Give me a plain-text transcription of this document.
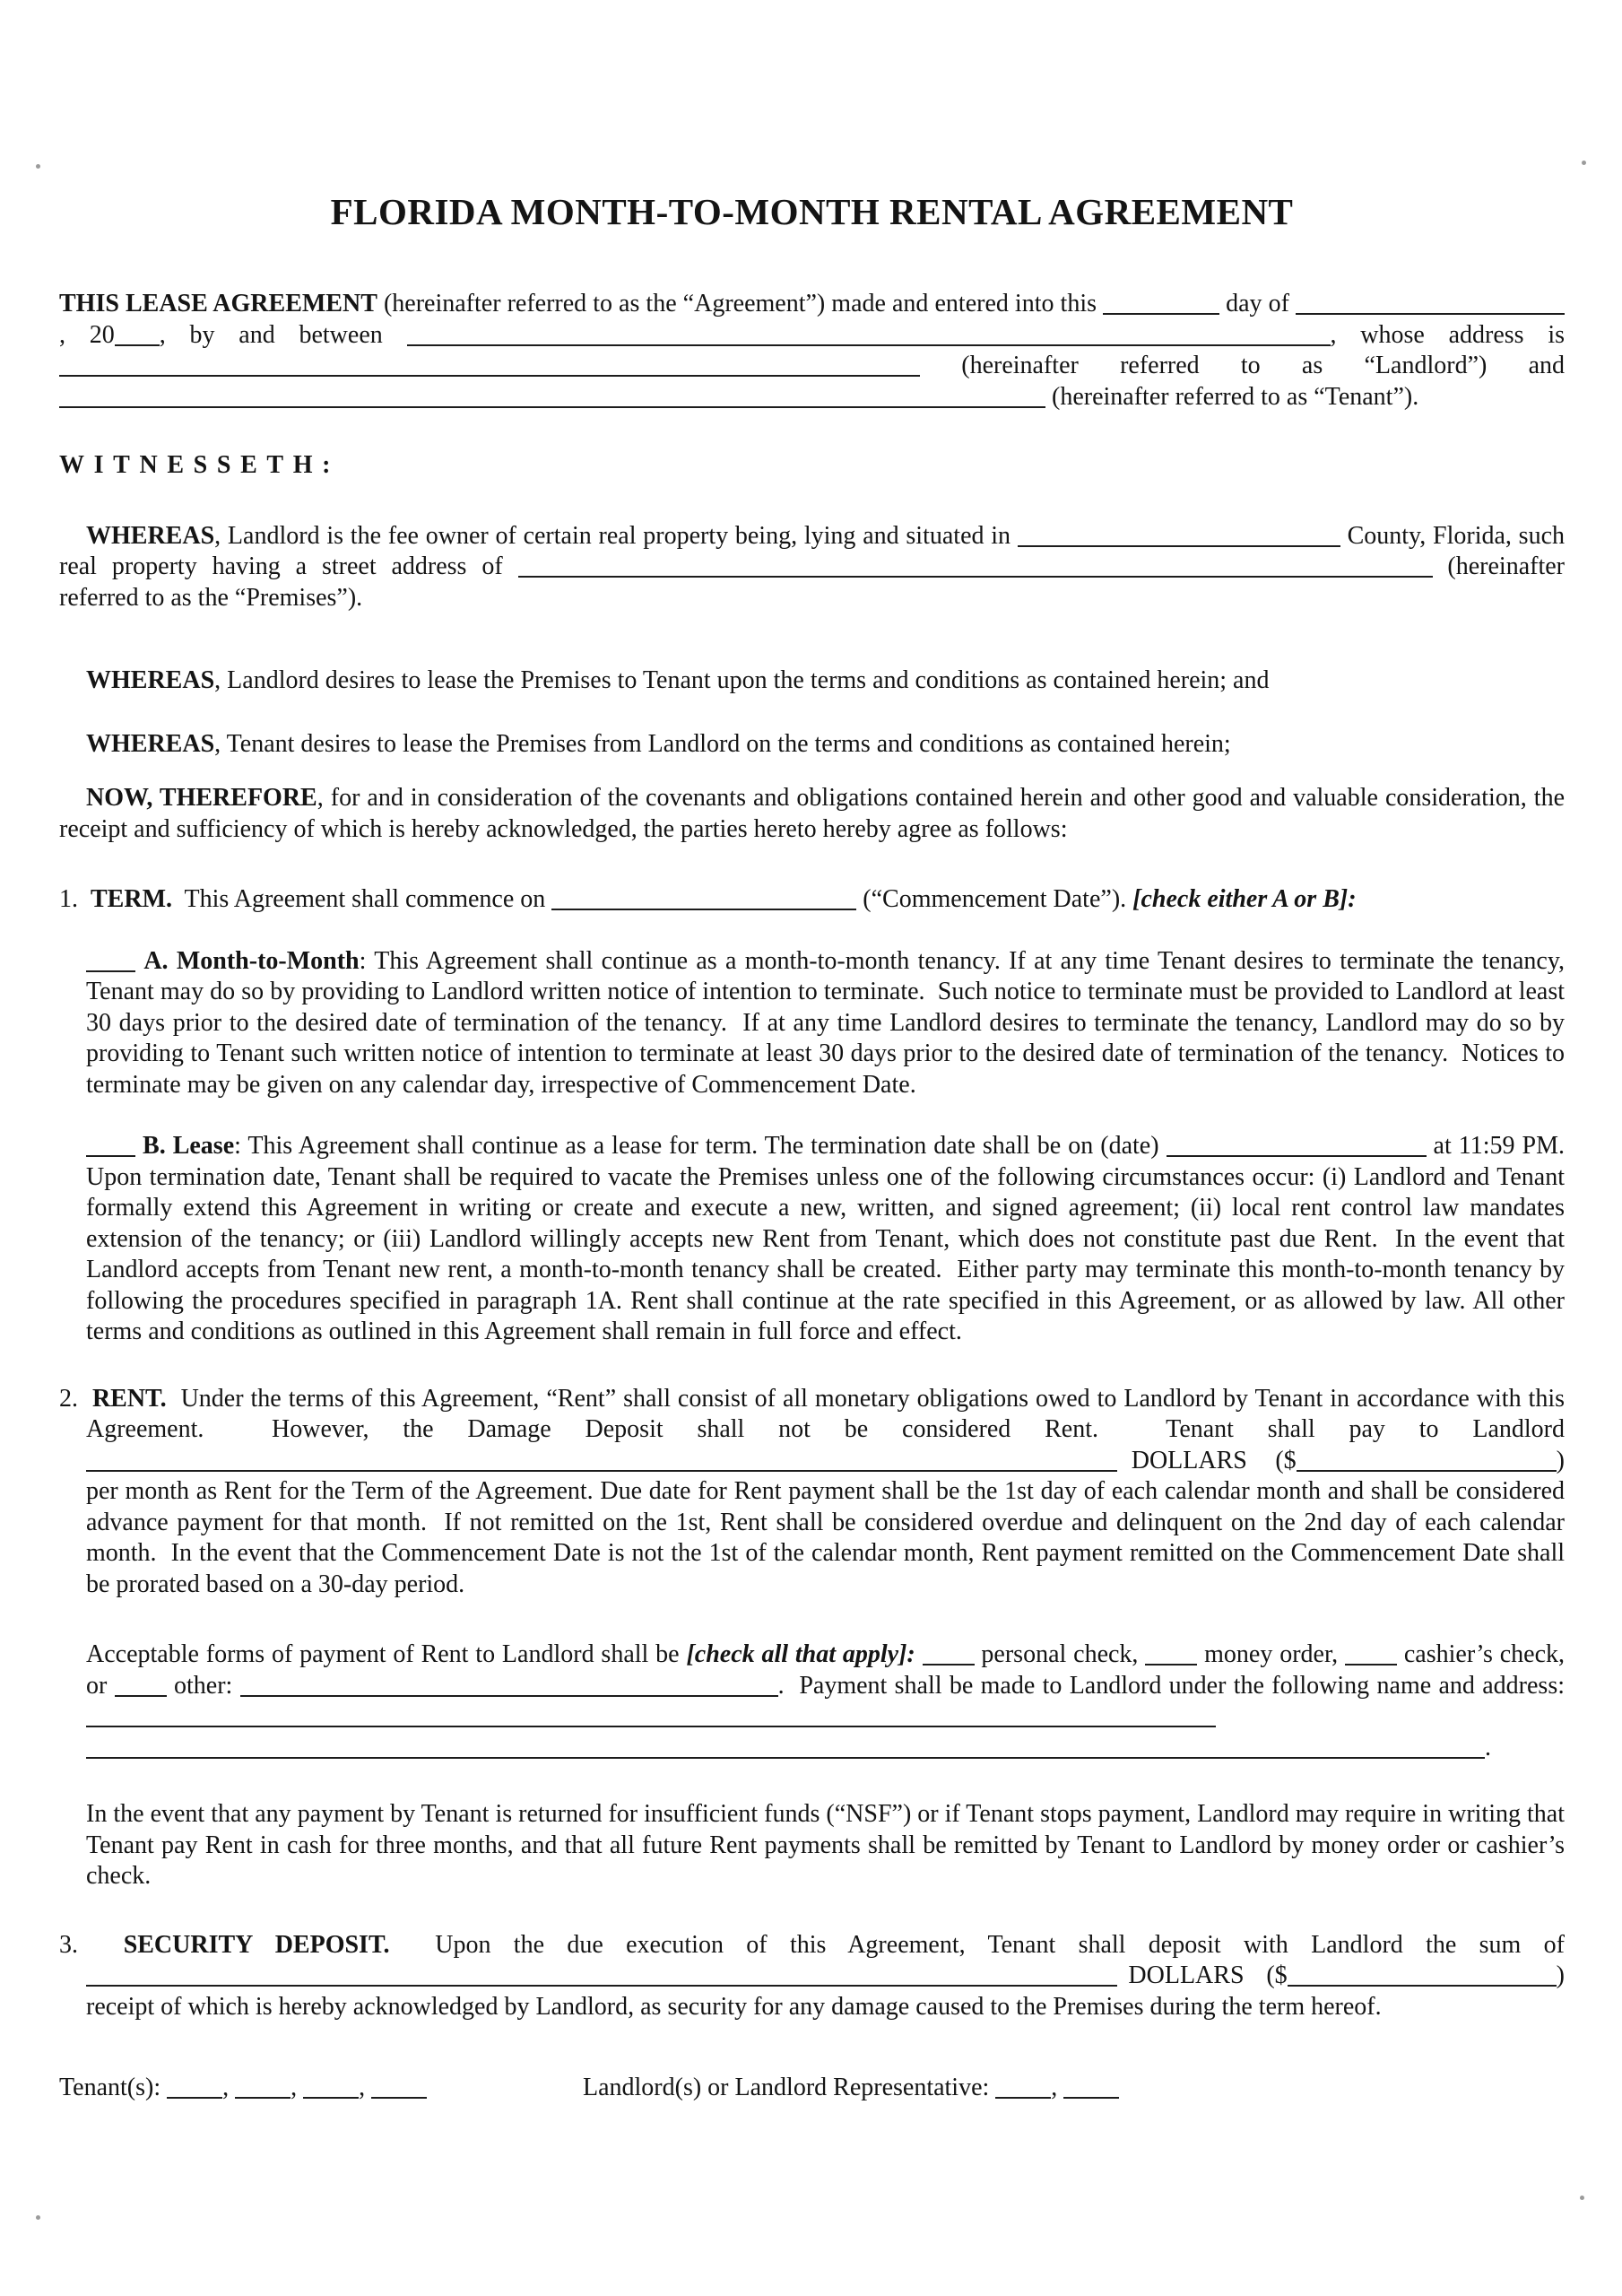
FLORIDA MONTH-TO-MONTH RENTAL AGREEMENT

THIS LEASE AGREEMENT (hereinafter referred to as the “Agreement”) made and entered into this	day of , 20 , by and between	, whose address is  (hereinafter referred to as “Landlord”) and  (hereinafter referred to as “Tenant”).

WITNESSETH:

WHEREAS, Landlord is the fee owner of certain real property being, lying and situated in	County, Florida, such real property having a street address of	(hereinafter referred to as the “Premises”).

WHEREAS, Landlord desires to lease the Premises to Tenant upon the terms and conditions as contained herein; and

WHEREAS, Tenant desires to lease the Premises from Landlord on the terms and conditions as contained herein;

NOW, THEREFORE, for and in consideration of the covenants and obligations contained herein and other good and valuable consideration, the receipt and sufficiency of which is hereby acknowledged, the parties hereto hereby agree as follows:

1.  TERM.  This Agreement shall commence on	(“Commencement Date”). [check either A or B]:

A. Month-to-Month: This Agreement shall continue as a month-to-month tenancy. If at any time Tenant desires to terminate the tenancy, Tenant may do so by providing to Landlord written notice of intention to terminate.  Such notice to terminate must be provided to Landlord at least 30 days prior to the desired date of termination of the tenancy.  If at any time Landlord desires to terminate the tenancy, Landlord may do so by providing to Tenant such written notice of intention to terminate at least 30 days prior to the desired date of termination of the tenancy.  Notices to terminate may be given on any calendar day, irrespective of Commencement Date.

B. Lease: This Agreement shall continue as a lease for term. The termination date shall be on (date)	at 11:59 PM. Upon termination date, Tenant shall be required to vacate the Premises unless one of the following circumstances occur: (i) Landlord and Tenant formally extend this Agreement in writing or create and execute a new, written, and signed agreement; (ii) local rent control law mandates extension of the tenancy; or (iii) Landlord willingly accepts new Rent from Tenant, which does not constitute past due Rent.  In the event that Landlord accepts from Tenant new rent, a month-to-month tenancy shall be created.  Either party may terminate this month-to-month tenancy by following the procedures specified in paragraph 1A. Rent shall continue at the rate specified in this Agreement, or as allowed by law. All other terms and conditions as outlined in this Agreement shall remain in full force and effect.

2.  RENT.  Under the terms of this Agreement, “Rent” shall consist of all monetary obligations owed to Landlord by Tenant in accordance with this Agreement.  However, the Damage Deposit shall not be considered Rent.  Tenant shall pay to Landlord  DOLLARS  ($	) per month as Rent for the Term of the Agreement. Due date for Rent payment shall be the 1st day of each calendar month and shall be considered advance payment for that month.  If not remitted on the 1st, Rent shall be considered overdue and delinquent on the 2nd day of each calendar month.  In the event that the Commencement Date is not the 1st of the calendar month, Rent payment remitted on the Commencement Date shall be prorated based on a 30-day period.

Acceptable forms of payment of Rent to Landlord shall be [check all that apply]:  personal check,  money order,  cashier’s check, or  other:	.  Payment shall be made to Landlord under the following name and address:  .

In the event that any payment by Tenant is returned for insufficient funds (“NSF”) or if Tenant stops payment, Landlord may require in writing that Tenant pay Rent in cash for three months, and that all future Rent payments shall be remitted by Tenant to Landlord by money order or cashier’s check.

3.  SECURITY DEPOSIT.  Upon the due execution of this Agreement, Tenant shall deposit with Landlord the sum of  DOLLARS  ($	) receipt of which is hereby acknowledged by Landlord, as security for any damage caused to the Premises during the term hereof.

Tenant(s): , , ,	Landlord(s) or Landlord Representative: ,
